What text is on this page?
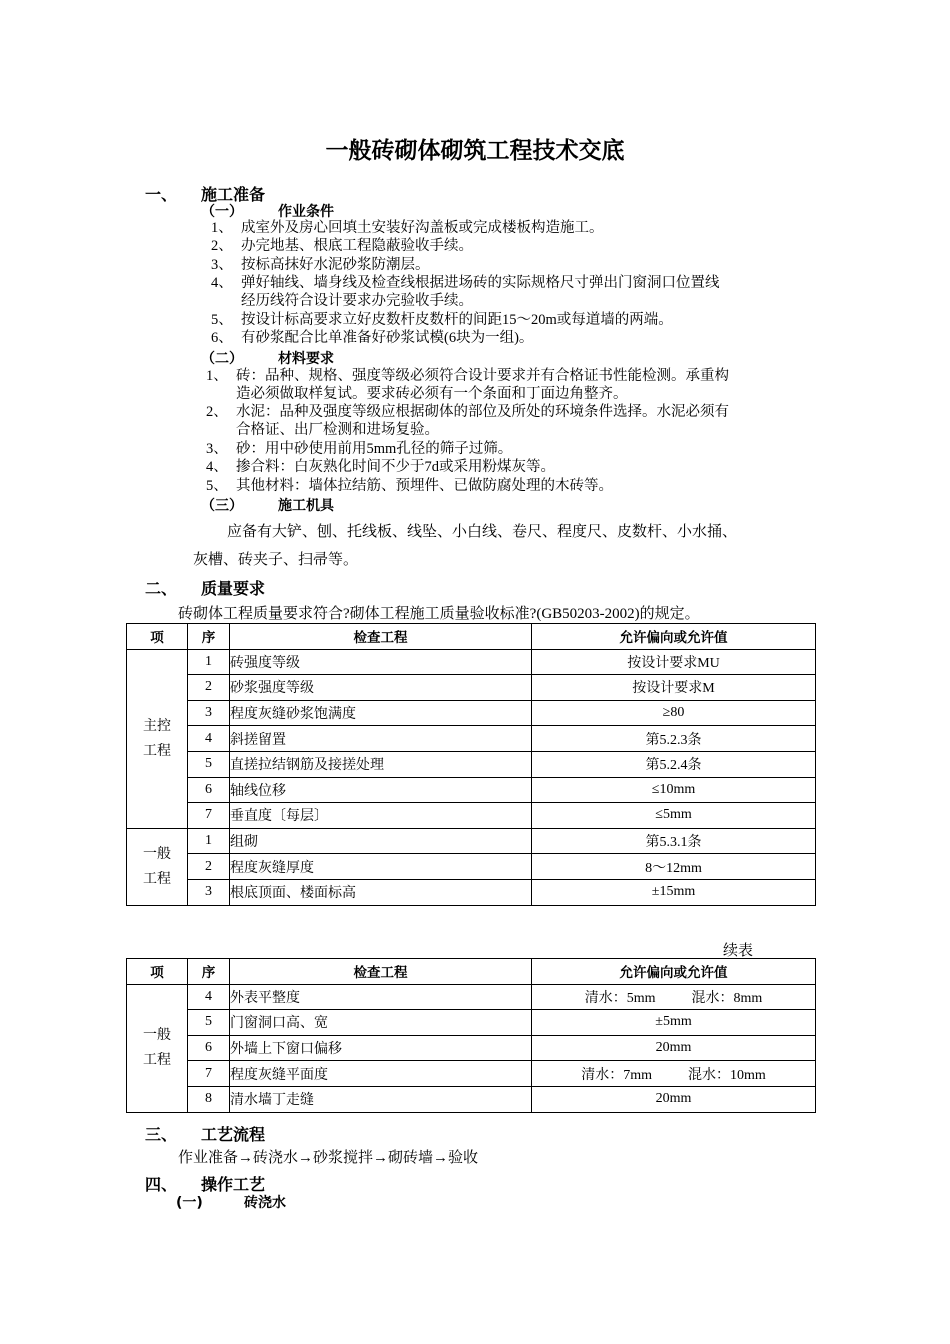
一般砖砌体砌筑工程技术交底
一、 施工准备
（一）	作业条件
1、 成室外及房心回填土安装好沟盖板或完成楼板构造施工。
2、 办完地基、根底工程隐蔽验收手续。
3、 按标高抹好水泥砂浆防潮层。
4、 弹好轴线、墙身线及检查线根据进场砖的实际规格尺寸弹出门窗洞口位置线
经历线符合设计要求办完验收手续。
5、 按设计标高要求立好皮数杆皮数杆的间距15～20m或每道墙的两端。
6、 有砂浆配合比单准备好砂浆试模(6块为一组)。
（二）	材料要求
1、 砖：品种、规格、强度等级必须符合设计要求并有合格证书性能检测。承重构
造必须做取样复试。要求砖必须有一个条面和丁面边角整齐。
2、 水泥：品种及强度等级应根据砌体的部位及所处的环境条件选择。水泥必须有
合格证、出厂检测和进场复验。
3、 砂：用中砂使用前用5mm孔径的筛子过筛。
4、 掺合料：白灰熟化时间不少于7d或采用粉煤灰等。
5、 其他材料：墙体拉结筋、预埋件、已做防腐处理的木砖等。
（三）	施工机具
应备有大铲、刨、托线板、线坠、小白线、卷尺、程度尺、皮数杆、小水捅、
灰槽、砖夹子、扫帚等。
二、 质量要求
砖砌体工程质量要求符合?砌体工程施工质量验收标准?(GB50203-2002)的规定。
项	序	检查工程	允许偏向或允许值
主控
工程	1	砖强度等级	按设计要求MU
	2	砂浆强度等级	按设计要求M
	3	程度灰缝砂浆饱满度	≥80
	4	斜搓留置	第5.2.3条
	5	直搓拉结钢筋及接搓处理	第5.2.4条
	6	轴线位移	≤10mm
	7	垂直度〔每层〕	≤5mm
一般
工程	1	组砌	第5.3.1条
	2	程度灰缝厚度	8～12mm
	3	根底顶面、楼面标高	±15mm
续表
项	序	检查工程	允许偏向或允许值
一般
工程	4	外表平整度	清水：5mm 混水：8mm
	5	门窗洞口高、宽	±5mm
	6	外墙上下窗口偏移	20mm
	7	程度灰缝平面度	清水：7mm 混水：10mm
	8	清水墙丁走缝	20mm
三、 工艺流程
作业准备→砖浇水→砂浆搅拌→砌砖墙→验收
四、 操作工艺
(一)	砖浇水
